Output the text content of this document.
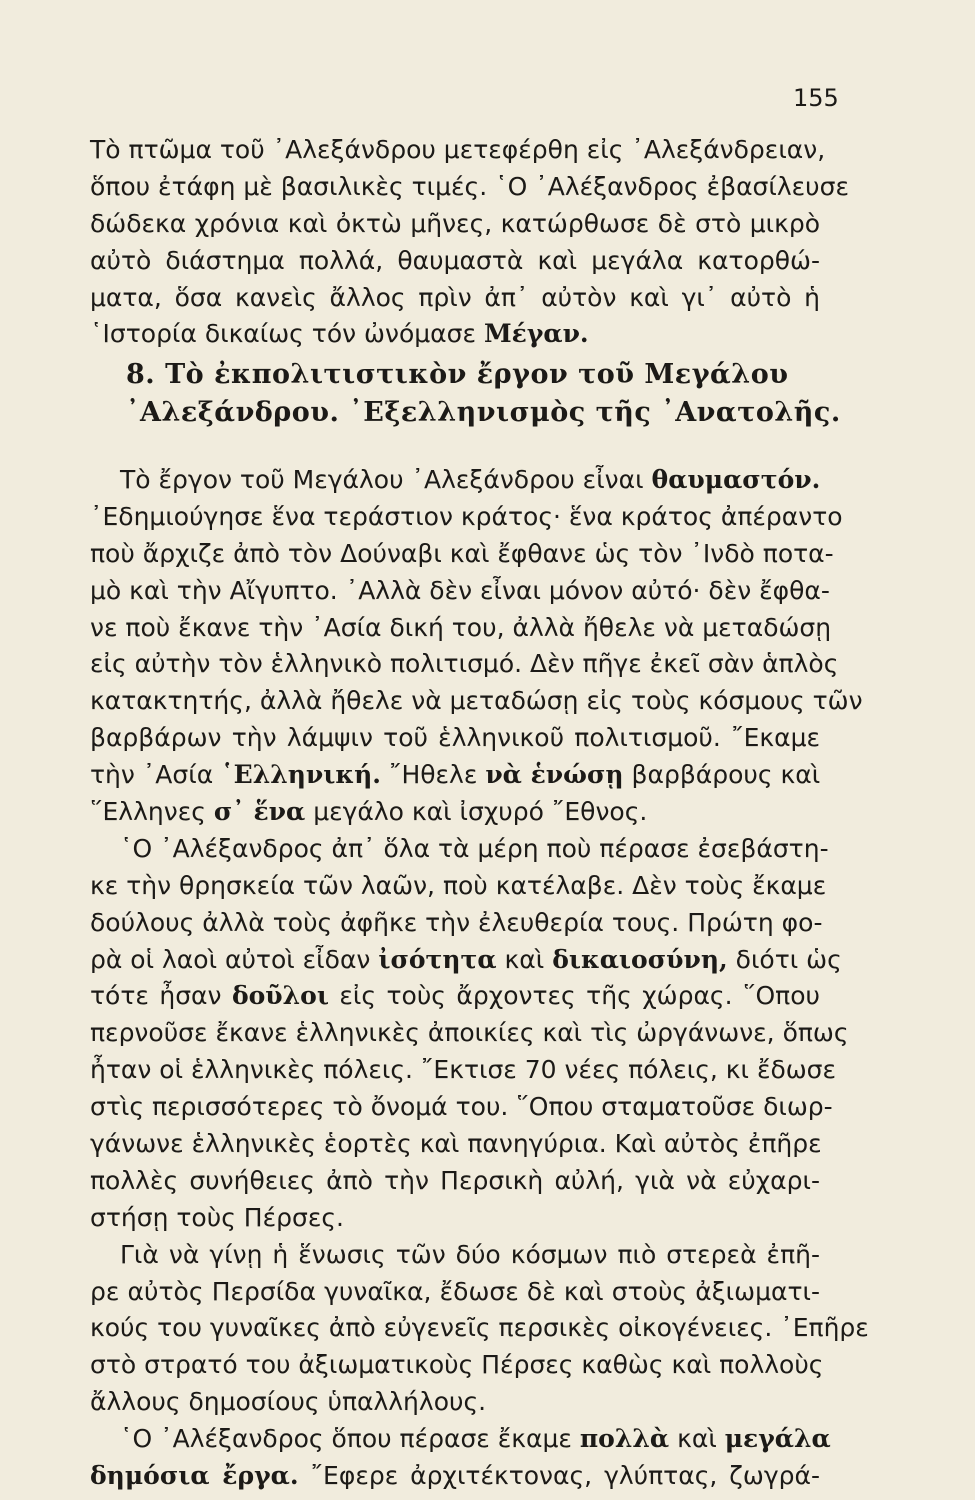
155
Τὸ πτῶμα τοῦ ᾿Αλεξάνδρου μετεφέρθη εἰς ᾿Αλεξάνδρειαν,
ὅπου ἐτάφη μὲ βασιλικὲς τιμές. ῾Ο ᾿Αλέξανδρος ἐβασίλευσε
δώδεκα χρόνια καὶ ὀκτὼ μῆνες, κατώρθωσε δὲ στὸ μικρὸ
αὐτὸ διάστημα πολλά, θαυμαστὰ καὶ μεγάλα κατορθώ-
ματα, ὅσα κανεὶς ἄλλος πρὶν ἀπ᾿ αὐτὸν καὶ γι᾿ αὐτὸ ἡ
῾Ιστορία δικαίως τόν ὠνόμασε Μέγαν.
8. Τὸ ἐκπολιτιστικὸν ἔργον τοῦ Μεγάλου
᾿Αλεξάνδρου. ᾿Εξελληνισμὸς τῆς ᾿Ανατολῆς.
Τὸ ἔργον τοῦ Μεγάλου ᾿Αλεξάνδρου εἶναι θαυμαστόν.
᾿Εδημιούγησε ἕνα τεράστιον κράτος· ἕνα κράτος ἀπέραντο
ποὺ ἄρχιζε ἀπὸ τὸν Δούναβι καὶ ἔφθανε ὡς τὸν ᾿Ινδὸ ποτα-
μὸ καὶ τὴν Αἴγυπτο. ᾿Αλλὰ δὲν εἶναι μόνον αὐτό· δὲν ἔφθα-
νε ποὺ ἔκανε τὴν ᾿Ασία δική του, ἀλλὰ ἤθελε νὰ μεταδώσῃ
εἰς αὐτὴν τὸν ἑλληνικὸ πολιτισμό. Δὲν πῆγε ἐκεῖ σὰν ἁπλὸς
κατακτητής, ἀλλὰ ἤθελε νὰ μεταδώσῃ εἰς τοὺς κόσμους τῶν
βαρβάρων τὴν λάμψιν τοῦ ἑλληνικοῦ πολιτισμοῦ. ῎Εκαμε
τὴν ᾿Ασία ῾Ελληνική. ῎Ηθελε νὰ ἑνώσῃ βαρβάρους καὶ
῞Ελληνες σ᾿ ἕνα μεγάλο καὶ ἰσχυρό ῎Εθνος.
῾Ο ᾿Αλέξανδρος ἀπ᾿ ὅλα τὰ μέρη ποὺ πέρασε ἐσεβάστη-
κε τὴν θρησκεία τῶν λαῶν, ποὺ κατέλαβε. Δὲν τοὺς ἔκαμε
δούλους ἀλλὰ τοὺς ἀφῆκε τὴν ἐλευθερία τους. Πρώτη φο-
ρὰ οἱ λαοὶ αὐτοὶ εἶδαν ἰσότητα καὶ δικαιοσύνη, διότι ὡς
τότε ἦσαν δοῦλοι εἰς τοὺς ἄρχοντες τῆς χώρας. ῞Οπου
περνοῦσε ἔκανε ἑλληνικὲς ἀποικίες καὶ τὶς ὠργάνωνε, ὅπως
ἦταν οἱ ἑλληνικὲς πόλεις. ῎Εκτισε 70 νέες πόλεις, κι ἔδωσε
στὶς περισσότερες τὸ ὄνομά του. ῞Οπου σταματοῦσε διωρ-
γάνωνε ἑλληνικὲς ἑορτὲς καὶ πανηγύρια. Καὶ αὐτὸς ἐπῆρε
πολλὲς συνήθειες ἀπὸ τὴν Περσικὴ αὐλή, γιὰ νὰ εὐχαρι-
στήσῃ τοὺς Πέρσες.
Γιὰ νὰ γίνῃ ἡ ἕνωσις τῶν δύο κόσμων πιὸ στερεὰ ἐπῆ-
ρε αὐτὸς Περσίδα γυναῖκα, ἔδωσε δὲ καὶ στοὺς ἀξιωματι-
κούς του γυναῖκες ἀπὸ εὐγενεῖς περσικὲς οἰκογένειες. ᾿Επῆρε
στὸ στρατό του ἀξιωματικοὺς Πέρσες καθὼς καὶ πολλοὺς
ἄλλους δημοσίους ὑπαλλήλους.
῾Ο ᾿Αλέξανδρος ὅπου πέρασε ἔκαμε πολλὰ καὶ μεγάλα
δημόσια ἔργα. ῎Εφερε ἀρχιτέκτονας, γλύπτας, ζωγρά-
